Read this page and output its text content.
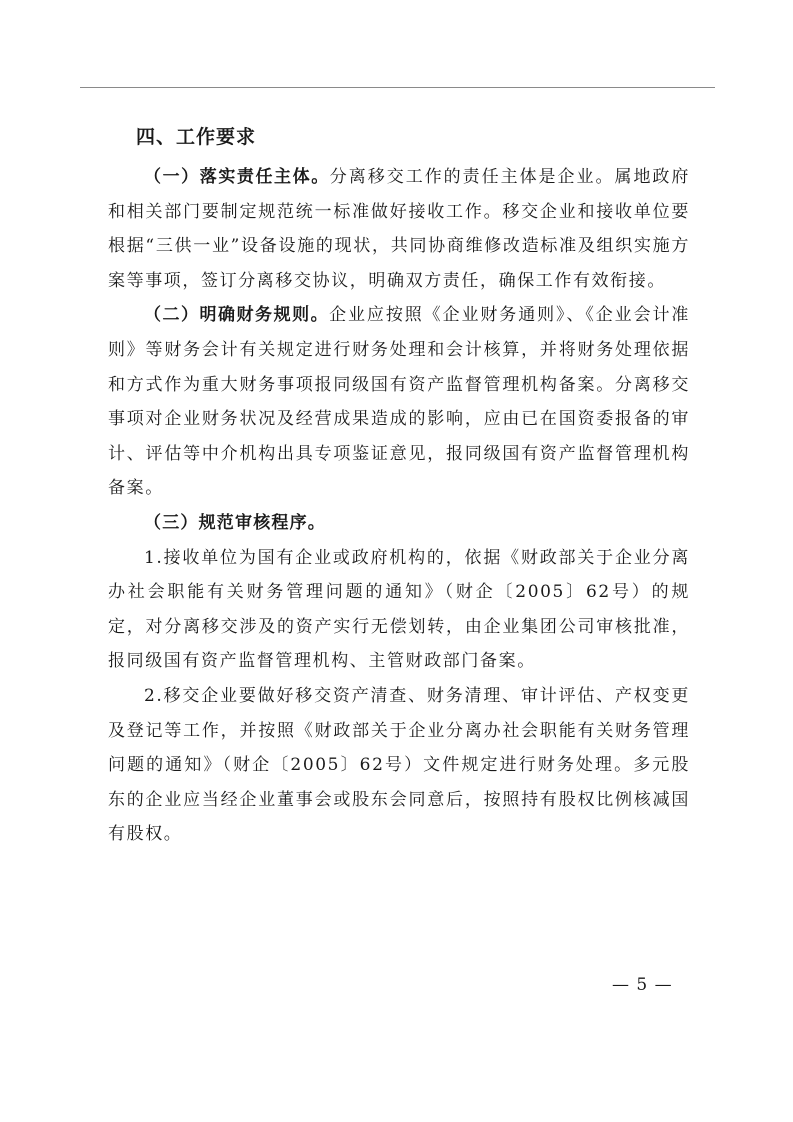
四、工作要求

（一）落实责任主体。分离移交工作的责任主体是企业。属地政府和相关部门要制定规范统一标准做好接收工作。移交企业和接收单位要根据“三供一业”设备设施的现状，共同协商维修改造标准及组织实施方案等事项，签订分离移交协议，明确双方责任，确保工作有效衔接。

（二）明确财务规则。企业应按照《企业财务通则》、《企业会计准则》等财务会计有关规定进行财务处理和会计核算，并将财务处理依据和方式作为重大财务事项报同级国有资产监督管理机构备案。分离移交事项对企业财务状况及经营成果造成的影响，应由已在国资委报备的审计、评估等中介机构出具专项鉴证意见，报同级国有资产监督管理机构备案。

（三）规范审核程序。

1.接收单位为国有企业或政府机构的，依据《财政部关于企业分离办社会职能有关财务管理问题的通知》（财企〔2005〕62号）的规定，对分离移交涉及的资产实行无偿划转，由企业集团公司审核批准，报同级国有资产监督管理机构、主管财政部门备案。

2.移交企业要做好移交资产清查、财务清理、审计评估、产权变更及登记等工作，并按照《财政部关于企业分离办社会职能有关财务管理问题的通知》（财企〔2005〕62号）文件规定进行财务处理。多元股东的企业应当经企业董事会或股东会同意后，按照持有股权比例核减国有股权。

— 5 —
